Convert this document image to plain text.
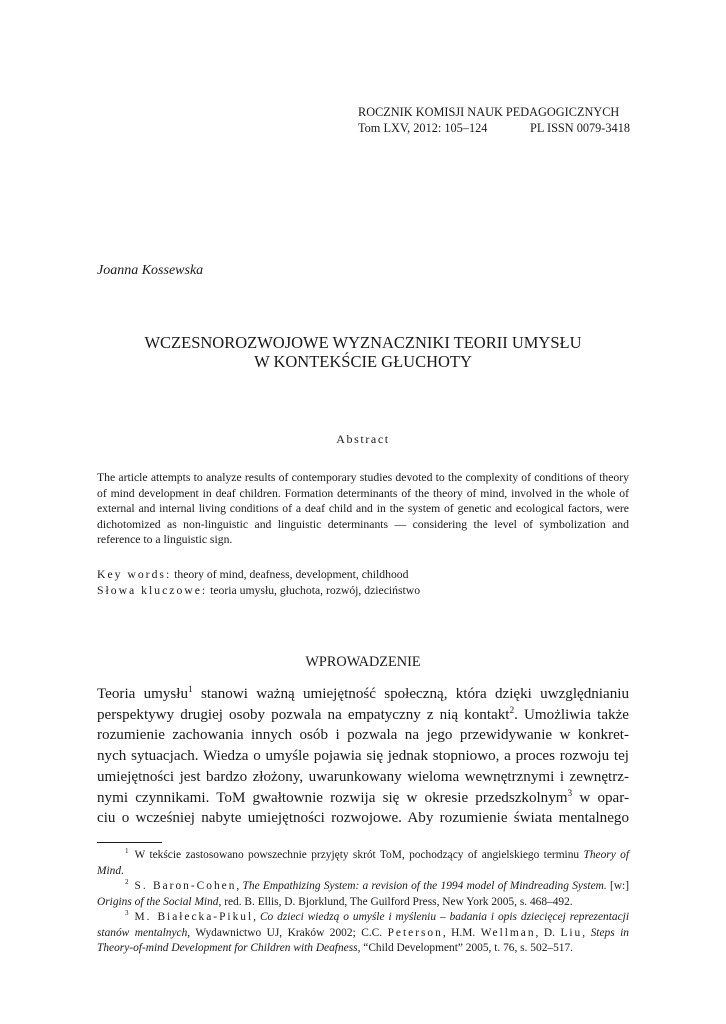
ROCZNIK KOMISJI NAUK PEDAGOGICZNYCH
Tom LXV, 2012: 105–124	PL ISSN 0079-3418
Joanna Kossewska
WCZESNOROZWOJOWE WYZNACZNIKI TEORII UMYSŁU
W KONTEKŚCIE GŁUCHOTY
Abstract
The article attempts to analyze results of contemporary studies devoted to the complexity of conditions of theory of mind development in deaf children. Formation determinants of the theory of mind, involved in the whole of external and internal living conditions of a deaf child and in the system of genetic and ecological factors, were dichotomized as non-linguistic and linguistic determinants — considering the level of symbolization and reference to a linguistic sign.
Key words: theory of mind, deafness, development, childhood
Słowa kluczowe: teoria umysłu, głuchota, rozwój, dzieciństwo
WPROWADZENIE
Teoria umysłu$^1$ stanowi ważną umiejętność społeczną, która dzięki uwzględnianiu
perspektywy drugiej osoby pozwala na empatyczny z nią kontakt$^2$. Umożliwia także
rozumienie zachowania innych osób i pozwala na jego przewidywanie w konkret-
nych sytuacjach. Wiedza o umyśle pojawia się jednak stopniowo, a proces rozwoju tej
umiejętności jest bardzo złożony, uwarunkowany wieloma wewnętrznymi i zewnętrz-
nymi czynnikami. ToM gwałtownie rozwija się w okresie przedszkolnym$^3$ w opar-
ciu o wcześniej nabyte umiejętności rozwojowe. Aby rozumienie świata mentalnego

$^1$ W tekście zastosowano powszechnie przyjęty skrót ToM, pochodzący of angielskiego terminu Theory of Mind.

$^2$ S. Baron-Cohen, The Empathizing System: a revision of the 1994 model of Mindreading System. [w:] Origins of the Social Mind, red. B. Ellis, D. Bjorklund, The Guilford Press, New York 2005, s. 468–492.

$^3$ M. Białecka-Pikul, Co dzieci wiedzą o umyśle i myśleniu – badania i opis dziecięcej reprezentacji stanów mentalnych, Wydawnictwo UJ, Kraków 2002; C.C. Peterson, H.M. Wellman, D. Liu, Steps in Theory-of-mind Development for Children with Deafness, “Child Development” 2005, t. 76, s. 502–517.
